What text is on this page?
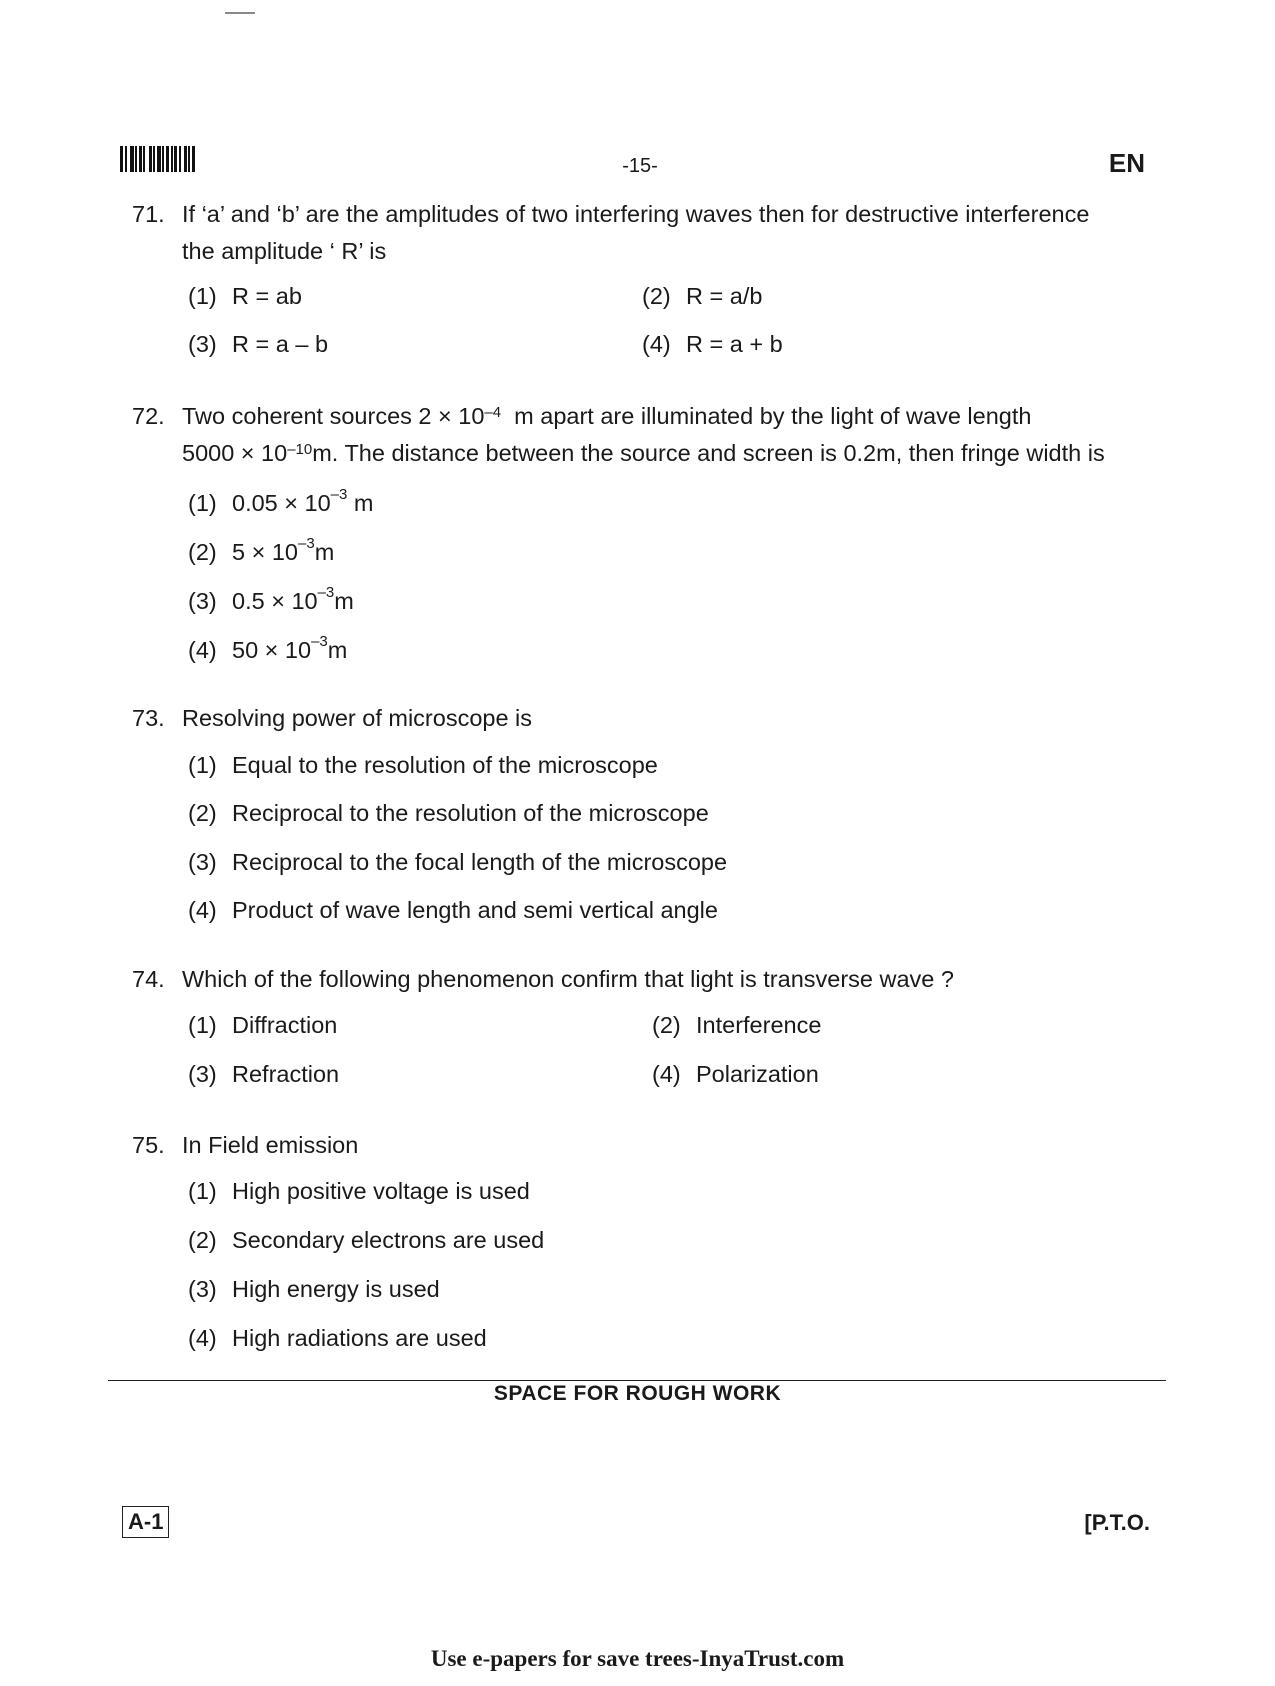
-15-	EN
71. If ‘a’ and ‘b’ are the amplitudes of two interfering waves then for destructive interference
the amplitude ‘ R’ is
(1) R = ab	(2) R = a/b
(3) R = a – b	(4) R = a + b
72. Two coherent sources $2 \times 10^{-4}$  m apart are illuminated by the light of wave length
$5000 \times 10^{-10}m$. The distance between the source and screen is 0.2m, then fringe width is
(1) $0.05 \times 10^{-3}$ m
(2) $5 \times 10^{-3}m$
(3) $0.5 \times 10^{-3}m$
(4) $50 \times 10^{-3}m$
73. Resolving power of microscope is
(1) Equal to the resolution of the microscope
(2) Reciprocal to the resolution of the microscope
(3) Reciprocal to the focal length of the microscope
(4) Product of wave length and semi vertical angle
74. Which of the following phenomenon confirm that light is transverse wave ?
(1) Diffraction	(2) Interference
(3) Refraction	(4) Polarization
75. In Field emission
(1) High positive voltage is used
(2) Secondary electrons are used
(3) High energy is used
(4) High radiations are used
SPACE FOR ROUGH WORK
A-1	[P.T.O.
Use e-papers for save trees-InyaTrust.com
